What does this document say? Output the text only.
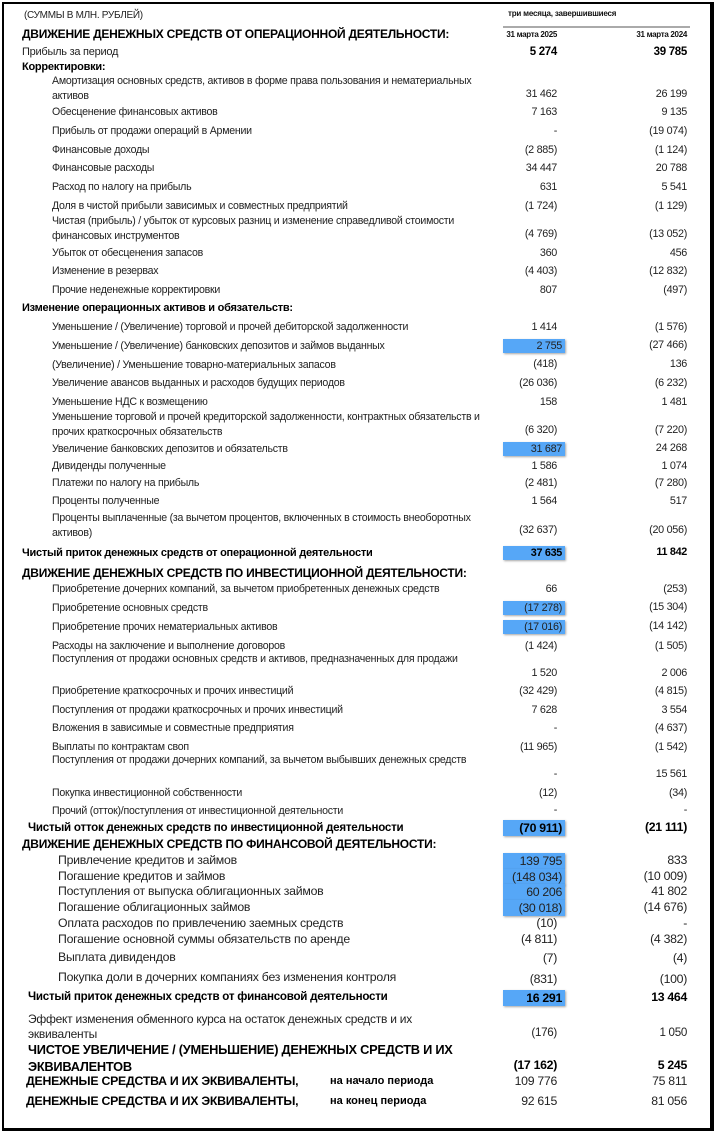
(СУММЫ В МЛН. РУБЛЕЙ)	три месяца, завершившиеся
31 марта 2025	31 марта 2024
ДВИЖЕНИЕ ДЕНЕЖНЫХ СРЕДСТВ ОТ ОПЕРАЦИОННОЙ ДЕЯТЕЛЬНОСТИ:
Прибыль за период	5 274	39 785
Корректировки:
Амортизация основных средств, активов в форме права пользования и нематериальных активов	31 462	26 199
Обесценение финансовых активов	7 163	9 135
Прибыль от продажи операций в Армении	-	(19 074)
Финансовые доходы	(2 885)	(1 124)
Финансовые расходы	34 447	20 788
Расход по налогу на прибыль	631	5 541
Доля в чистой прибыли зависимых и совместных предприятий	(1 724)	(1 129)
Чистая (прибыль) / убыток от курсовых разниц и изменение справедливой стоимости финансовых инструментов	(4 769)	(13 052)
Убыток от обесценения запасов	360	456
Изменение в резервах	(4 403)	(12 832)
Прочие неденежные корректировки	807	(497)
Изменение операционных активов и обязательств:
Уменьшение / (Увеличение) торговой и прочей дебиторской задолженности	1 414	(1 576)
Уменьшение / (Увеличение) банковских депозитов и займов выданных	2 755	(27 466)
(Увеличение) / Уменьшение товарно-материальных запасов	(418)	136
Увеличение авансов выданных и расходов будущих периодов	(26 036)	(6 232)
Уменьшение НДС к возмещению	158	1 481
Уменьшение торговой и прочей кредиторской задолженности, контрактных обязательств и прочих краткосрочных обязательств	(6 320)	(7 220)
Увеличение банковских депозитов и обязательств	31 687	24 268
Дивиденды полученные	1 586	1 074
Платежи по налогу на прибыль	(2 481)	(7 280)
Проценты полученные	1 564	517
Проценты выплаченные (за вычетом процентов, включенных в стоимость внеоборотных активов)	(32 637)	(20 056)
Чистый приток денежных средств от операционной деятельности	37 635	11 842
ДВИЖЕНИЕ ДЕНЕЖНЫХ СРЕДСТВ ПО ИНВЕСТИЦИОННОЙ ДЕЯТЕЛЬНОСТИ:
Приобретение дочерних компаний, за вычетом приобретенных денежных средств	66	(253)
Приобретение основных средств	(17 278)	(15 304)
Приобретение прочих нематериальных активов	(17 016)	(14 142)
Расходы на заключение и выполнение договоров	(1 424)	(1 505)
Поступления от продажи основных средств и активов, предназначенных для продажи
1 520	2 006
Приобретение краткосрочных и прочих инвестиций	(32 429)	(4 815)
Поступления от продажи краткосрочных и прочих инвестиций	7 628	3 554
Вложения в зависимые и совместные предприятия	-	(4 637)
Выплаты по контрактам своп	(11 965)	(1 542)
Поступления от продажи дочерних компаний, за вычетом выбывших денежных средств
-	15 561
Покупка инвестиционной собственности	(12)	(34)
Прочий (отток)/поступления от инвестиционной деятельности	-	-
Чистый отток денежных средств по инвестиционной деятельности	(70 911)	(21 111)
ДВИЖЕНИЕ ДЕНЕЖНЫХ СРЕДСТВ ПО ФИНАНСОВОЙ ДЕЯТЕЛЬНОСТИ:
Привлечение кредитов и займов	139 795	833
Погашение кредитов и займов	(148 034)	(10 009)
Поступления от выпуска облигационных займов	60 206	41 802
Погашение облигационных займов	(30 018)	(14 676)
Оплата расходов по привлечению заемных средств	(10)	-
Погашение основной суммы обязательств по аренде	(4 811)	(4 382)
Выплата дивидендов	(7)	(4)
Покупка доли в дочерних компаниях без изменения контроля	(831)	(100)
Чистый приток денежных средств от финансовой деятельности	16 291	13 464
Эффект изменения обменного курса на остаток денежных средств и их эквиваленты	(176)	1 050
ЧИСТОЕ УВЕЛИЧЕНИЕ / (УМЕНЬШЕНИЕ) ДЕНЕЖНЫХ СРЕДСТВ И ИХ ЭКВИВАЛЕНТОВ	(17 162)	5 245
ДЕНЕЖНЫЕ СРЕДСТВА И ИХ ЭКВИВАЛЕНТЫ,	на начало периода	109 776	75 811
ДЕНЕЖНЫЕ СРЕДСТВА И ИХ ЭКВИВАЛЕНТЫ,	на конец периода	92 615	81 056
